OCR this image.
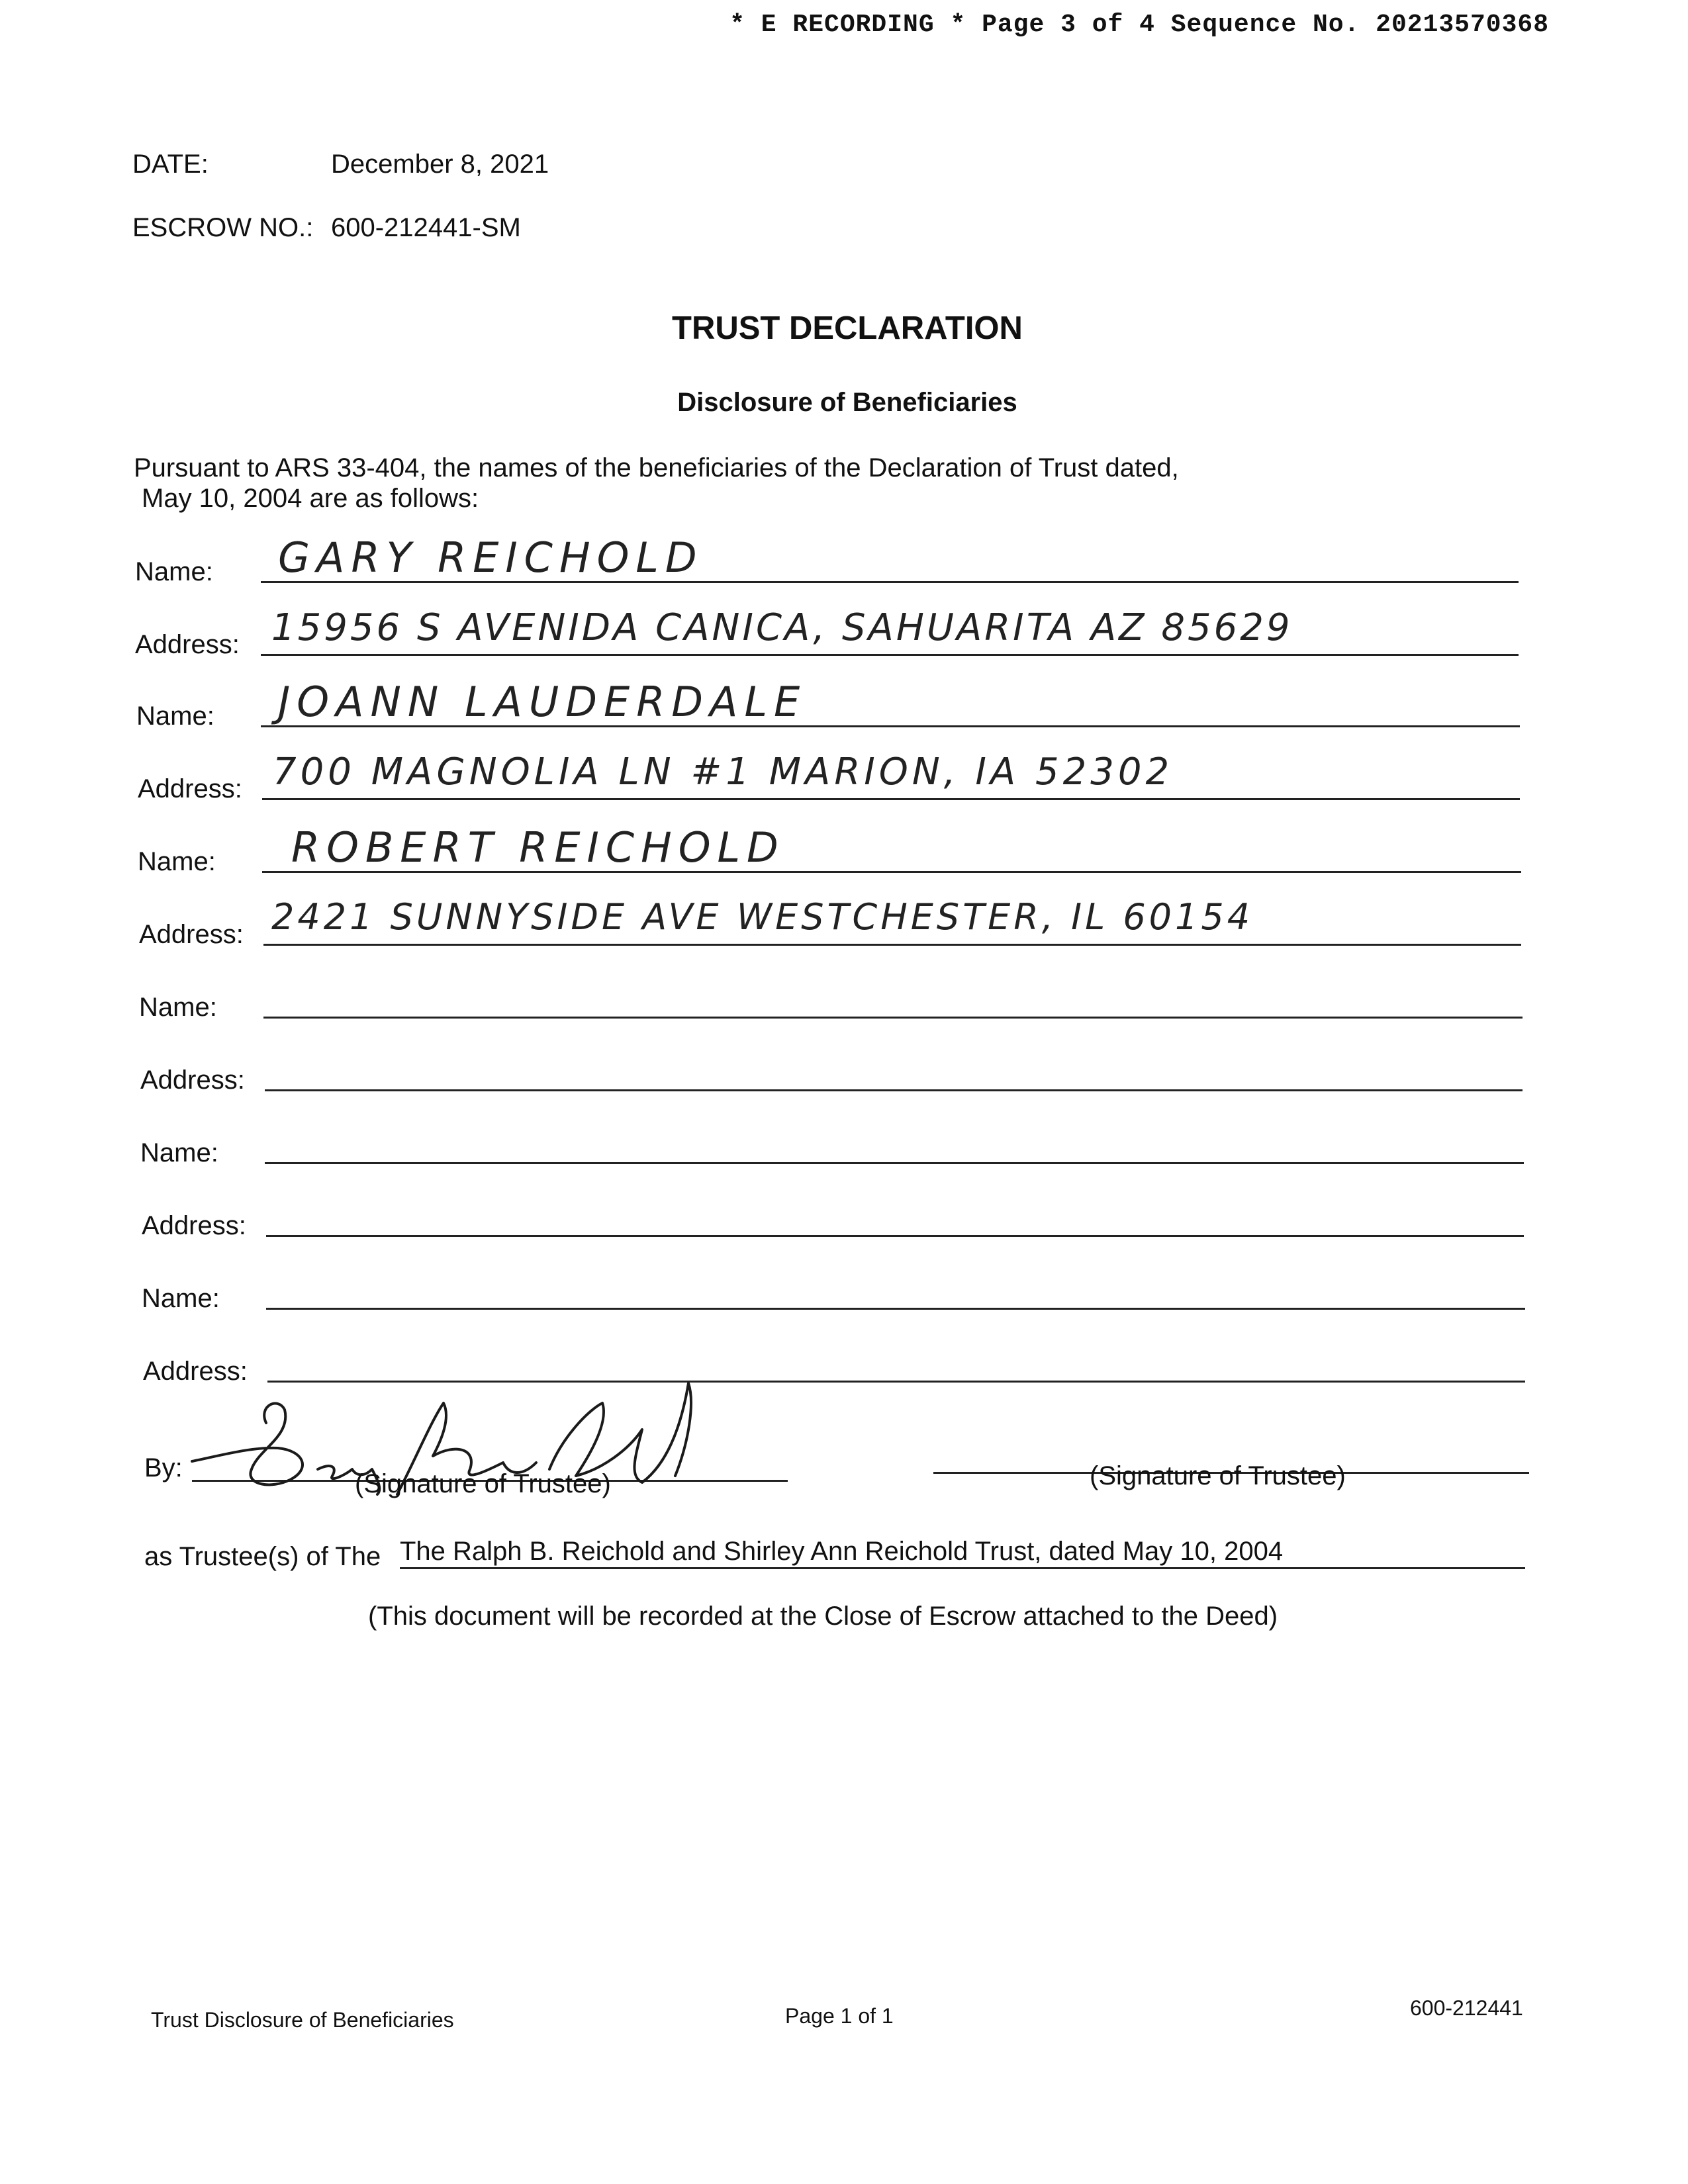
* E RECORDING * Page 3 of 4 Sequence No. 20213570368
DATE:	December 8, 2021
ESCROW NO.: 600-212441-SM
TRUST DECLARATION
Disclosure of Beneficiaries
Pursuant to ARS 33-404, the names of the beneficiaries of the Declaration of Trust dated,
May 10, 2004 are as follows:
Name: GARY REICHOLD
Address: 15956 S AVENIDA CANICA, SAHUARITA AZ 85629
Name: JOANN LAUDERDALE
Address: 700 MAGNOLIA LN #1 MARION, IA 52302
Name: ROBERT REICHOLD
Address: 2421 SUNNYSIDE AVE WESTCHESTER, IL 60154
Name:
Address:
Name:
Address:
Name:
Address:
By:
(Signature of Trustee)	(Signature of Trustee)
as Trustee(s) of The The Ralph B. Reichold and Shirley Ann Reichold Trust, dated May 10, 2004
(This document will be recorded at the Close of Escrow attached to the Deed)
Trust Disclosure of Beneficiaries	Page 1 of 1	600-212441
